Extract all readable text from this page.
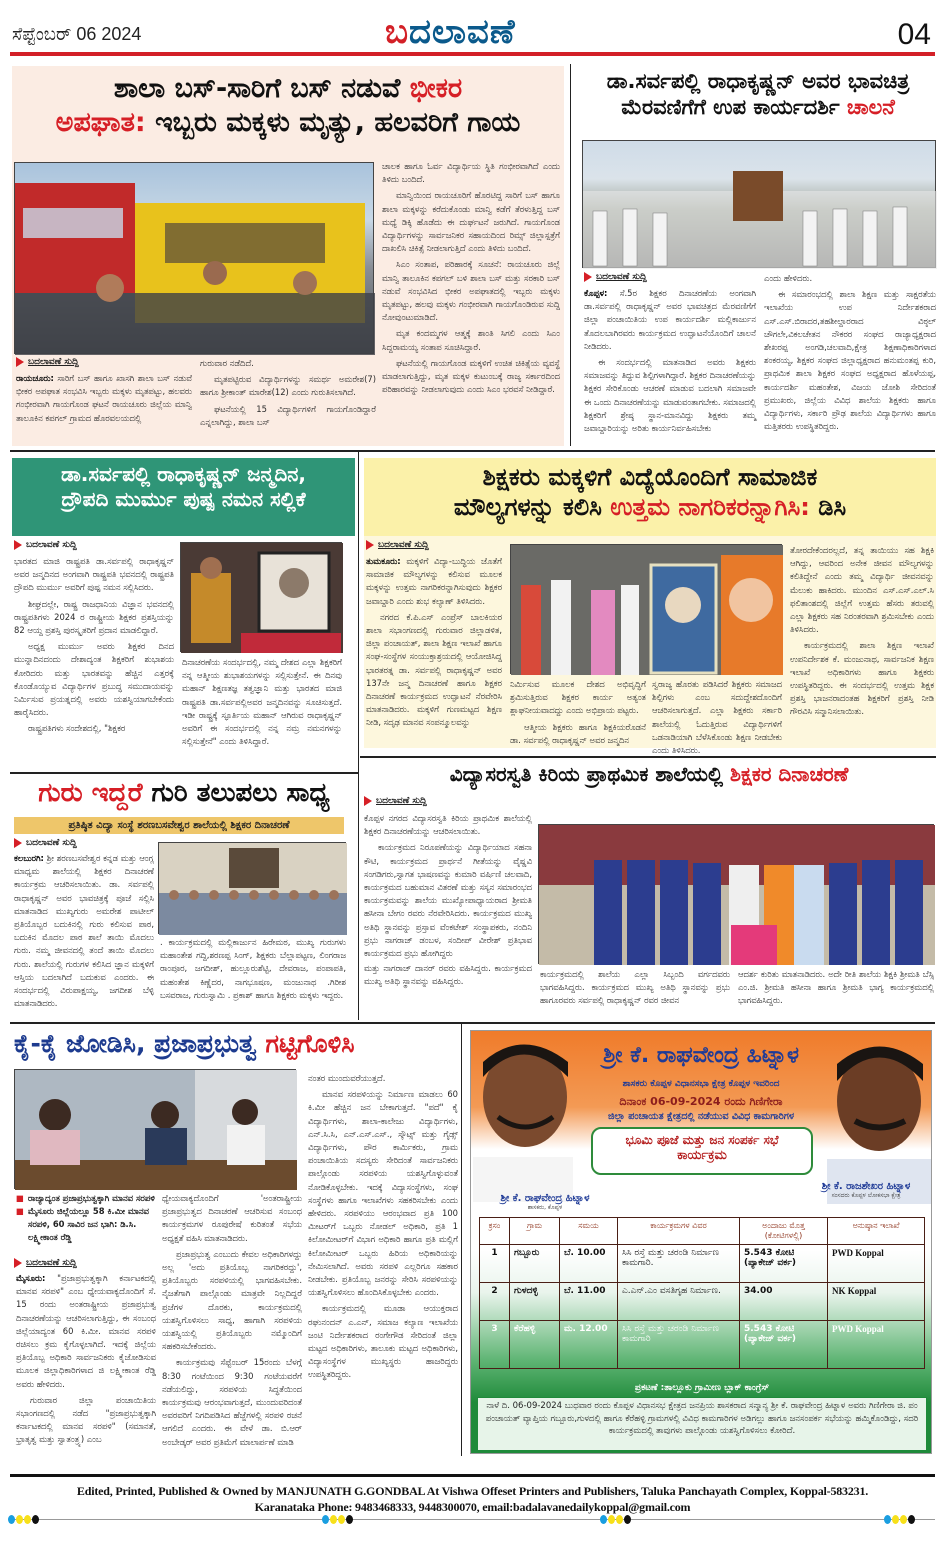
ಸೆಪ್ಟೆಂಬರ್ 06 2024	ಬದಲಾವಣೆ	04
ಶಾಲಾ ಬಸ್-ಸಾರಿಗೆ ಬಸ್ ನಡುವೆ ಭೀಕರ
ಅಪಘಾತ: ಇಬ್ಬರು ಮಕ್ಕಳು ಮೃತ್ಯು, ಹಲವರಿಗೆ ಗಾಯ
ಬದಲಾವಣೆ ಸುದ್ದಿ

ರಾಯಚೂರು: ಸಾರಿಗೆ ಬಸ್ ಹಾಗೂ ಖಾಸಗಿ ಶಾಲಾ ಬಸ್ ನಡುವೆ ಭೀಕರ ಅಪಘಾತ ಸಂಭವಿಸಿ ಇಬ್ಬರು ಮಕ್ಕಳು ಮೃತಪಟ್ಟು, ಹಲವರು ಗಂಭೀರವಾಗಿ ಗಾಯಗೊಂಡ ಘಟನೆ ರಾಯಚೂರು ಜಿಲ್ಲೆಯ ಮಾನ್ವಿ ತಾಲೂಕಿನ ಕಪಗಲ್ ಗ್ರಾಮದ ಹೊರವಲಯದಲ್ಲಿ

ಗುರುವಾರ ನಡೆದಿದೆ.

ಮೃತಪಟ್ಟಿರುವ ವಿದ್ಯಾರ್ಥಿಗಳನ್ನು ಸಮರ್ಥ ಅಮರೇಶ(7) ಹಾಗೂ ಶ್ರೀಕಾಂತ್ ಮಾರೇಶ(12) ಎಂದು ಗುರುತಿಸಲಾಗಿದೆ.

ಘಟನೆಯಲ್ಲಿ 15 ವಿದ್ಯಾರ್ಥಿಗಳಿಗೆ ಗಾಯಗೊಂಡಿದ್ದಾರೆ ಎನ್ನಲಾಗಿದ್ದು, ಶಾಲಾ ಬಸ್

ಚಾಲಕ ಹಾಗೂ ಓರ್ವ ವಿದ್ಯಾರ್ಥಿಯ ಸ್ಥಿತಿ ಗಂಭೀರವಾಗಿದೆ ಎಂದು ತಿಳಿದು ಬಂದಿದೆ.

ಮಾನ್ವಿಯಿಂದ ರಾಯಚೂರಿಗೆ ಹೊರಟಿದ್ದ ಸಾರಿಗೆ ಬಸ್ ಹಾಗೂ ಶಾಲಾ ಮಕ್ಕಳನ್ನು ಕರೆದುಕೊಂಡು ಮಾನ್ವಿ ಕಡೆಗೆ ತೆರಳುತ್ತಿದ್ದ ಬಸ್ ಮಧ್ಯೆ ಡಿಕ್ಕಿ ಹೊಡೆದು ಈ ದುರ್ಘಟನೆ ಜರುಗಿದೆ. ಗಾಯಗೊಂಡ ವಿದ್ಯಾರ್ಥಿಗಳನ್ನು ಸಾರ್ವಜನಿಕರ ಸಹಾಯದಿಂದ ರಿಮ್ಸ್ ಜಿಲ್ಲಾಸ್ಪತ್ರೆಗೆ ದಾಖಲಿಸಿ ಚಿಕಿತ್ಸೆ ನೀಡಲಾಗುತ್ತಿದೆ ಎಂದು ತಿಳಿದು ಬಂದಿದೆ.

ಸಿಎಂ ಸಂತಾಪ, ಪರಿಹಾರಕ್ಕೆ ಸೂಚನೆ: ರಾಯಚೂರು ಜಿಲ್ಲೆ ಮಾನ್ವಿ ತಾಲೂಕಿನ ಕಪಗಲ್ ಬಳಿ ಶಾಲಾ ಬಸ್ ಮತ್ತು ಸರಕಾರಿ ಬಸ್ ನಡುವೆ ಸಂಭವಿಸಿದ ಭೀಕರ ಅಪಘಾತದಲ್ಲಿ ಇಬ್ಬರು ಮಕ್ಕಳು ಮೃತಪಟ್ಟು, ಹಲವು ಮಕ್ಕಳು ಗಂಭೀರವಾಗಿ ಗಾಯಗೊಂಡಿರುವ ಸುದ್ದಿ ನೋವುಂಟುಮಾಡಿದೆ.

ಮೃತ ಕಂದಮ್ಮಗಳ ಆತ್ಮಕ್ಕೆ ಶಾಂತಿ ಸಿಗಲಿ ಎಂದು ಸಿಎಂ ಸಿದ್ದರಾಮಯ್ಯ ಸಂತಾಪ ಸೂಚಿಸಿದ್ದಾರೆ.

ಘಟನೆಯಲ್ಲಿ ಗಾಯಗೊಂಡ ಮಕ್ಕಳಿಗೆ ಉಚಿತ ಚಿಕಿತ್ಸೆಯ ವ್ಯವಸ್ಥೆ ಮಾಡಲಾಗುತ್ತಿದ್ದು, ಮೃತ ಮಕ್ಕಳ ಕುಟುಂಬಕ್ಕೆ ರಾಜ್ಯ ಸರ್ಕಾರದಿಂದ ಪರಿಹಾರವನ್ನು ನೀಡಲಾಗುವುದು ಎಂದು ಸಿಎಂ ಭರವಸೆ ನೀಡಿದ್ದಾರೆ.

ಡಾ.ಸರ್ವಪಲ್ಲಿ ರಾಧಾಕೃಷ್ಣನ್ ಅವರ ಭಾವಚಿತ್ರ
ಮೆರವಣಿಗೆಗೆ ಉಪ ಕಾರ್ಯದರ್ಶಿ ಚಾಲನೆ
ಬದಲಾವಣೆ ಸುದ್ದಿ

ಕೊಪ್ಪಳ: ಸೆ.5ರ ಶಿಕ್ಷಕರ ದಿನಾಚರಣೆಯ ಅಂಗವಾಗಿ ಡಾ.ಸರ್ವಪಲ್ಲಿ ರಾಧಾಕೃಷ್ಣನ್ ಅವರ ಭಾವಚಿತ್ರದ ಮೆರವಣಿಗೆಗೆ ಜಿಲ್ಲಾ ಪಂಚಾಯಿತಿಯ ಉಪ ಕಾರ್ಯದರ್ಶಿ ಮಲ್ಲಿಕಾರ್ಜುನ ತೊದಲಬಾಗಿರವರು ಕಾರ್ಯಕ್ರಮದ ಉದ್ಘಾಟನೆಯೊಂದಿಗೆ ಚಾಲನೆ ನೀಡಿದರು.

ಈ ಸಂದರ್ಭದಲ್ಲಿ ಮಾತನಾಡಿದ ಅವರು ಶಿಕ್ಷಕರು ಸಮಾಜವನ್ನು ತಿದ್ದುವ ಶಿಲ್ಪಿಗಳಾಗಿದ್ದಾರೆ. ಶಿಕ್ಷಕರ ದಿನಾಚರಣೆಯನ್ನು ಶಿಕ್ಷಕರ ಸೇರಿಕೊಂಡು ಆಚರಣೆ ಮಾಡುವ ಬದಲಾಗಿ ಸಮಾಜವೇ ಈ ಒಂದು ದಿನಾಚರಣೆಯನ್ನು ಮಾಡುವಂತಾಗಬೇಕು. ಸಮಾಜದಲ್ಲಿ ಶಿಕ್ಷಕರಿಗೆ ಶ್ರೇಷ್ಠ ಸ್ಥಾನ-ಮಾನವಿದ್ದು ಶಿಕ್ಷಕರು ತಮ್ಮ ಜವಾಬ್ದಾರಿಯನ್ನು ಅರಿತು ಕಾರ್ಯನಿರ್ವಹಿಸಬೇಕು

ಎಂದು ಹೇಳಿದರು.

ಈ ಸಮಾರಂಭದಲ್ಲಿ ಶಾಲಾ ಶಿಕ್ಷಣ ಮತ್ತು ಸಾಕ್ಷರತೆಯ ಇಲಾಖೆಯ ಉಪ ನಿರ್ದೇಶಕರಾದ ಎಸ್.ಎಸ್.ಬಿರಾದರ,ತಹಶೀಲ್ದಾರರಾದ ವಿಠ್ಠಲ್ ಚೌಗಲೇ,ವಿಕಲಚೇತನ ನೌಕರರ ಸಂಘದ ರಾಜ್ಯಾಧ್ಯಕ್ಷರಾದ ಶೇಖರಪ್ಪ ಅಂಗಡಿ,ಚಲವಾದಿ,ಕ್ಷೇತ್ರ ಶಿಕ್ಷಣಾಧಿಕಾರಿಗಳಾದ ಶಂಕರಯ್ಯ, ಶಿಕ್ಷಕರ ಸಂಘದ ಜಿಲ್ಲಾಧ್ಯಕ್ಷರಾದ ಹನುಮಂತಪ್ಪ ಕುರಿ, ಪ್ರಾಥಮಿಕ ಶಾಲಾ ಶಿಕ್ಷಕರ ಸಂಘದ ಅಧ್ಯಕ್ಷರಾದ ಹೊಳೆಯಪ್ಪ, ಕಾರ್ಯದರ್ಶಿ ಮಹಂತೇಶ, ವಿಜಯ ಜೋಶಿ ಸೇರಿದಂತೆ ಪ್ರಮುಖರು, ಜಿಲ್ಲೆಯ ವಿವಿಧ ಶಾಲೆಯ ಶಿಕ್ಷಕರು ಹಾಗೂ ವಿದ್ಯಾರ್ಥಿಗಳು, ಸರ್ಕಾರಿ ಪ್ರೌಢ ಶಾಲೆಯ ವಿದ್ಯಾರ್ಥಿಗಳು ಹಾಗೂ ಮತ್ತಿತರರು ಉಪಸ್ಥಿತರಿದ್ದರು.

ಡಾ.ಸರ್ವಪಲ್ಲಿ ರಾಧಾಕೃಷ್ಣನ್ ಜನ್ಮದಿನ,
ದ್ರೌಪದಿ ಮುರ್ಮು ಪುಷ್ಪ ನಮನ ಸಲ್ಲಿಕೆ
ಬದಲಾವಣೆ ಸುದ್ದಿ

ಭಾರತದ ಮಾಜಿ ರಾಷ್ಟ್ರಪತಿ ಡಾ.ಸರ್ವಪಲ್ಲಿ ರಾಧಾಕೃಷ್ಣನ್ ಅವರ ಜನ್ಮದಿನದ ಅಂಗವಾಗಿ ರಾಷ್ಟ್ರಪತಿ ಭವನದಲ್ಲಿ ರಾಷ್ಟ್ರಪತಿ ದ್ರೌಪದಿ ಮುರ್ಮು ಅವರಿಗೆ ಪುಷ್ಪ ನಮನ ಸಲ್ಲಿಸಿದರು.

ಶೀಘ್ರದಲ್ಲೇ, ರಾಷ್ಟ್ರ ರಾಜಧಾನಿಯ ವಿಜ್ಞಾನ ಭವನದಲ್ಲಿ ರಾಷ್ಟ್ರಪತಿಗಳು 2024 ರ ರಾಷ್ಟ್ರೀಯ ಶಿಕ್ಷಕರ ಪ್ರಶಸ್ತಿಯನ್ನು 82 ಆಯ್ದ ಪ್ರಶಸ್ತಿ ಪುರಸ್ಕೃತರಿಗೆ ಪ್ರದಾನ ಮಾಡಲಿದ್ದಾರೆ.

ಅಧ್ಯಕ್ಷ ಮುರ್ಮು ಅವರು ಶಿಕ್ಷಕರ ದಿನದ ಮುನ್ನಾದಿನದಂದು ದೇಶಾದ್ಯಂತ ಶಿಕ್ಷಕರಿಗೆ ಶುಭಾಶಯ ಕೋರಿದರು ಮತ್ತು ಭಾರತವನ್ನು ಹೆಚ್ಚಿನ ಎತ್ತರಕ್ಕೆ ಕೊಂಡೊಯ್ಯುವ ವಿದ್ಯಾರ್ಥಿಗಳ ಪ್ರಬುದ್ಧ ಸಮುದಾಯವನ್ನು ನಿರ್ಮಿಸುವ ಪ್ರಯತ್ನದಲ್ಲಿ ಅವರು ಯಶಸ್ವಿಯಾಗಬೇಕೆಂದು ಹಾರೈಸಿದರು.

ರಾಷ್ಟ್ರಪತಿಗಳು ಸಂದೇಶದಲ್ಲಿ, "ಶಿಕ್ಷಕರ

ದಿನಾಚರಣೆಯ ಸಂದರ್ಭದಲ್ಲಿ, ನಮ್ಮ ದೇಶದ ಎಲ್ಲಾ ಶಿಕ್ಷಕರಿಗೆ ನನ್ನ ಆತ್ಮೀಯ ಶುಭಾಶಯಗಳನ್ನು ಸಲ್ಲಿಸುತ್ತೇನೆ. ಈ ದಿನವು ಮಹಾನ್ ಶಿಕ್ಷಣತಜ್ಞ ತತ್ವಜ್ಞಾನಿ ಮತ್ತು ಭಾರತದ ಮಾಜಿ ರಾಷ್ಟ್ರಪತಿ ಡಾ.ಸರ್ವಪಲ್ಲಿಅವರ ಜನ್ಮದಿನವನ್ನು ಸೂಚಿಸುತ್ತದೆ. ಇಡೀ ರಾಷ್ಟ್ರಕ್ಕೆ ಸ್ಫೂರ್ತಿಯ ಮಹಾನ್ ಆಗಿರುವ ರಾಧಾಕೃಷ್ಣನ್ ಅವರಿಗೆ ಈ ಸಂದರ್ಭದಲ್ಲಿ ನನ್ನ ನಮ್ರ ನಮನಗಳನ್ನು ಸಲ್ಲಿಸುತ್ತೇನೆ" ಎಂದು ತಿಳಿಸಿದ್ದಾರೆ.

ಶಿಕ್ಷಕರು ಮಕ್ಕಳಿಗೆ ವಿದ್ಯೆಯೊಂದಿಗೆ ಸಾಮಾಜಿಕ
ಮೌಲ್ಯಗಳನ್ನು ಕಲಿಸಿ ಉತ್ತಮ ನಾಗರಿಕರನ್ನಾಗಿಸಿ: ಡಿಸಿ
ಬದಲಾವಣೆ ಸುದ್ದಿ

ತುಮಕೂರು: ಮಕ್ಕಳಿಗೆ ವಿದ್ಯಾ-ಬುದ್ಧಿಯ ಜೊತೆಗೆ ಸಾಮಾಜಿಕ ಮೌಲ್ಯಗಳನ್ನು ಕಲಿಸುವ ಮೂಲಕ ಮಕ್ಕಳನ್ನು ಉತ್ತಮ ನಾಗರಿಕರನ್ನಾಗಿಸುವುದು ಶಿಕ್ಷಕರ ಜವಾಬ್ದಾರಿ ಎಂದು ಶುಭ ಕಲ್ಯಾಣ್ ತಿಳಿಸಿದರು.

ನಗರದ ಕೆ.ಪಿ.ಎಸ್ ಎಂಪ್ರೆಸ್ ಬಾಲಕಿಯರ ಶಾಲಾ ಸಭಾಂಗಣದಲ್ಲಿ ಗುರುವಾರ ಜಿಲ್ಲಾಡಳಿತ, ಜಿಲ್ಲಾ ಪಂಚಾಯತ್, ಶಾಲಾ ಶಿಕ್ಷಣ ಇಲಾಖೆ ಹಾಗೂ ಸಂಘ-ಸಂಸ್ಥೆಗಳ ಸಂಯುಕ್ತಾಶ್ರಯದಲ್ಲಿ ಆಯೋಜಿಸಿದ್ದ ಭಾರತರತ್ನ ಡಾ. ಸರ್ವಪಲ್ಲಿ ರಾಧಾಕೃಷ್ಣನ್ ಅವರ 137ನೇ ಜನ್ಮ ದಿನಾಚರಣೆ ಹಾಗೂ ಶಿಕ್ಷಕರ ದಿನಾಚರಣೆ ಕಾರ್ಯಕ್ರಮದ ಉದ್ಘಾಟನೆ ನೆರವೇರಿಸಿ ಮಾತನಾಡಿದರು. ಮಕ್ಕಳಿಗೆ ಗುಣಮಟ್ಟದ ಶಿಕ್ಷಣ ನೀಡಿ, ಸದೃಢ ಮಾನವ ಸಂಪನ್ಮೂಲವನ್ನು

ನಿರ್ಮಿಸುವ ಮೂಲಕ ದೇಶದ ಅಭಿವೃದ್ಧಿಗೆ ಶ್ರಮಿಸುತ್ತಿರುವ ಶಿಕ್ಷಕರ ಕಾರ್ಯ ಅತ್ಯಂತ ಶ್ಲಾಘನೀಯವಾದದ್ದು ಎಂದು ಅಭಿಪ್ರಾಯ ಪಟ್ಟರು.

ಆತ್ಮೀಯ ಶಿಕ್ಷಕರು ಹಾಗೂ ಶಿಕ್ಷಕಿಯರೊಡನೆ ಡಾ. ಸರ್ವಪಲ್ಲಿ ರಾಧಾಕೃಷ್ಣನ್ ಅವರ ಜನ್ಮದಿನ

ಸ್ವರಾಜ್ಯ ಹೊರತು ಪಡಿಸಿದರೆ ಶಿಕ್ಷಕರು ಸಮಾಜದ ಶಿಲ್ಪಿಗಳು ಎಂಬ ಸದುದ್ದೇಶದೊಂದಿಗೆ ಆಚರಿಸಲಾಗುತ್ತದೆ. ಎಲ್ಲಾ ಶಿಕ್ಷಕರು ಸರ್ಕಾರಿ ಶಾಲೆಯಲ್ಲಿ ಓದುತ್ತಿರುವ ವಿದ್ಯಾರ್ಥಿಗಳಿಗೆ ಒಡನಾಡಿಯಾಗಿ ಬೆಳೆಸಿಕೊಂಡು ಶಿಕ್ಷಣ ನೀಡಬೇಕು ಎಂದು ತಿಳಿಸಿದರು.

ತೋರದೇಕೆಂದರಲ್ಲದೆ, ತನ್ನ ತಾಯಿಯು ಸಹ ಶಿಕ್ಷಕಿ ಆಗಿದ್ದು, ಆವರಿಂದ ಅನೇಕ ಜೀವನ ಮೌಲ್ಯಗಳನ್ನು ಕಲಿತಿದ್ದೇನೆ ಎಂದು ತಮ್ಮ ವಿದ್ಯಾರ್ಥಿ ಜೀವನವನ್ನು ಮೆಲುಕು ಹಾಕಿದರು. ಮುಂದಿನ ಎಸ್.ಎಸ್.ಎಲ್.ಸಿ ಫಲಿತಾಂಶದಲ್ಲಿ ಜಿಲ್ಲೆಗೆ ಉತ್ತಮ ಹೆಸರು ತರುವಲ್ಲಿ ಎಲ್ಲಾ ಶಿಕ್ಷಕರು ಸಹ ನಿರಂತರವಾಗಿ ಶ್ರಮಿಸಬೇಕು ಎಂದು ತಿಳಿಸಿದರು.

ಕಾರ್ಯಕ್ರಮದಲ್ಲಿ ಶಾಲಾ ಶಿಕ್ಷಣ ಇಲಾಖೆ ಉಪನಿರ್ದೇಶಕ ಕೆ. ಮಂಜುನಾಥ, ಸಾರ್ವಜನಿಕ ಶಿಕ್ಷಣ ಇಲಾಖೆ ಅಧಿಕಾರಿಗಳು ಹಾಗೂ ಶಿಕ್ಷಕರು ಉಪಸ್ಥಿತರಿದ್ದರು. ಈ ಸಂದರ್ಭದಲ್ಲಿ ಉತ್ತಮ ಶಿಕ್ಷಕ ಪ್ರಶಸ್ತಿ ಭಾಜನರಾದಂತಹ ಶಿಕ್ಷಕರಿಗೆ ಪ್ರಶಸ್ತಿ ನೀಡಿ ಗೌರವಿಸಿ ಸನ್ಮಾನಿಸಲಾಯಿತು.

ಗುರು ಇದ್ದರೆ ಗುರಿ ತಲುಪಲು ಸಾಧ್ಯ
ಪ್ರತಿಷ್ಠಿತ ವಿದ್ಯಾ ಸಂಸ್ಥೆ ಶರಣಬಸವೇಶ್ವರ ಶಾಲೆಯಲ್ಲಿ ಶಿಕ್ಷಕರ ದಿನಾಚರಣೆ
ಬದಲಾವಣೆ ಸುದ್ದಿ

ಕಲಬುರಗಿ: ಶ್ರೀ ಶರಣಬಸವೇಶ್ವರ ಕನ್ನಡ ಮತ್ತು ಆಂಗ್ಲ ಮಾಧ್ಯಮ ಶಾಲೆಯಲ್ಲಿ ಶಿಕ್ಷಕರ ದಿನಾಚರಣೆ ಕಾರ್ಯಕ್ರಮ ಆಚರಿಸಲಾಯಿತು. ಡಾ. ಸರ್ವಪಲ್ಲಿ ರಾಧಾಕೃಷ್ಣನ್ ಅವರ ಭಾವಚಿತ್ರಕ್ಕೆ ಪೂಜೆ ಸಲ್ಲಿಸಿ ಮಾತನಾಡಿದ ಮುಖ್ಯಗುರು ಅಮರೇಶ ಪಾಟೀಲ್ ಪ್ರತಿಯೊಬ್ಬರ ಬದುಕಿನಲ್ಲಿ ಗುರು ಕಲಿಸುವ ಪಾಠ, ಬದುಕಿನ ಮೊದಲ ಪಾಠ ಶಾಲೆ ತಾಯಿ ಮೊದಲು ಗುರು. ನಮ್ಮ ಜೀವನದಲ್ಲಿ ತಂದೆ ತಾಯಿ ಮೊದಲು ಗುರು. ಶಾಲೆಯಲ್ಲಿ ಗುರುಗಳ ಕಲಿಸಿದ ಜ್ಞಾನ ಮಕ್ಕಳಿಗೆ ಆಸ್ತಿಯ ಬದಲಾಗಿದೆ ಬದುಕುವ ಎಂದರು. ಈ ಸಂದರ್ಭದಲ್ಲಿ ವಿರುಪಾಕ್ಷಯ್ಯ, ಜಗದೀಶ ಬೆಳ್ಳಿ ಮಾತನಾಡಿದರು.

. ಕಾರ್ಯಕ್ರಮದಲ್ಲಿ ಮಲ್ಲಿಕಾರ್ಜುನ ಹಿರೇಮಠ, ಮುಖ್ಯ ಗುರುಗಳು ಮಹಾಂತೇಶ ಗದ್ದಿ,ಶರಣಪ್ಪ ಸಿಂಗ್, ಶಿಕ್ಷಕರು ಬೆಲ್ಲಾಪಟ್ಟಣ, ಲಿಂಗರಾಜ ರಾಂಪೂರ, ಜಗದೀಶ್, ಹುಲ್ಲೂರುಶೆಟ್ಟಿ, ದೇವರಾಜ, ಪಂಪಾಪತಿ, ಮಹಂತೇಶ ಕಿಣ್ಣೆದರ, ನಾಗಭೂಷಣ, ಮಂಜುನಾಥ .ಗಿರೀಶ ಬಸವರಾಜ, ಗುರುಸ್ವಾಮಿ . ಪ್ರಕಾಶ್ ಹಾಗೂ ಶಿಕ್ಷಕರು ಮಕ್ಕಳು ಇದ್ದರು.

ವಿದ್ಯಾಸರಸ್ವತಿ ಕಿರಿಯ ಪ್ರಾಥಮಿಕ ಶಾಲೆಯಲ್ಲಿ ಶಿಕ್ಷಕರ ದಿನಾಚರಣೆ
ಬದಲಾವಣೆ ಸುದ್ದಿ

ಕೊಪ್ಪಳ ನಗರದ ವಿದ್ಯಾಸರಸ್ವತಿ ಕಿರಿಯ ಪ್ರಾಥಮಿಕ ಶಾಲೆಯಲ್ಲಿ ಶಿಕ್ಷಕರ ದಿನಾಚರಣೆಯನ್ನು ಆಚರಿಸಲಾಯಿತು.

ಕಾರ್ಯಕ್ರಮದ ನಿರೂಪಣೆಯನ್ನು ವಿದ್ಯಾರ್ಥಿಯಾದ ಸಹನಾ ಕೌಟಿ, ಕಾರ್ಯಕ್ರಮದ ಪ್ರಾರ್ಥನೆ ಗೀತೆಯನ್ನು ವೈಷ್ಣವಿ ಸಂಗಡಿಗರು,ಸ್ವಾಗತ ಭಾಷಣವನ್ನು ಕುಮಾರಿ ವರ್ಷಿಣಿ ಚಲವಾದಿ, ಕಾರ್ಯಕ್ರಮದ ಬಹುಮಾನ ವಿತರಣೆ ಮತ್ತು ಸಸ್ಯನ ಸಮಾರಂಭದ ಕಾರ್ಯಕ್ರಮವನ್ನು ಶಾಲೆಯ ಮುಖ್ಯೋಪಾಧ್ಯಾಯರಾದ ಶ್ರೀಮತಿ ಹಸೀನಾ ಬೇಗಂ ರವರು ನೆರವೇರಿಸಿದರು. ಕಾರ್ಯಕ್ರಮದ ಮುಖ್ಯ ಅತಿಥಿ ಸ್ಥಾನವನ್ನು ಪ್ರಸ್ತಾವ ವೆಂಕಟೇಶ್ ಸಂಸ್ಥಾಪಕರು, ನಂದಿನಿ ಪ್ರಭು ನಾಗರಾಜ್ ಡಂಬಳ, ಸಂದೀಪ್ ವೀರೇಶ್ ಪ್ರತಿಭಾವ ಕಾರ್ಯಕ್ರಮದ ಪ್ರಭು ಹೋಗಿದ್ದರು

ಮತ್ತು ನಾಗರಾಜ್ ದಾನರ್ ರವರು ವಹಿಸಿದ್ದರು. ಕಾರ್ಯಕ್ರಮದ ಮುಖ್ಯ ಅತಿಥಿ ಸ್ಥಾನವನ್ನು ವಹಿಸಿದ್ದರು.

ಕಾರ್ಯಕ್ರಮದಲ್ಲಿ ಶಾಲೆಯ ಎಲ್ಲಾ ಸಿಬ್ಬಂದಿ ವರ್ಗದವರು ಭಾಗವಹಿಸಿದ್ದರು. ಕಾರ್ಯಕ್ರಮದ ಮುಖ್ಯ ಅತಿಥಿ ಸ್ಥಾನವನ್ನು ಪ್ರಭು ಹಾಗೂರವರು ಸರ್ವಪಲ್ಲಿ ರಾಧಾಕೃಷ್ಣನ್ ರವರ ಜೀವನ

ಆದರ್ಶ ಕುರಿತು ಮಾತನಾಡಿದರು. ಅದೇ ರೀತಿ ಶಾಲೆಯ ಶಿಕ್ಷಕಿ ಶ್ರೀಮತಿ ಬೆಸ್ಸಿ ಎಂ.ಜಿ. ಶ್ರೀಮತಿ ಹಸೀನಾ ಹಾಗೂ ಶ್ರೀಮತಿ ಭಾಗ್ಯ ಕಾರ್ಯಕ್ರಮದಲ್ಲಿ ಭಾಗವಹಿಸಿದ್ದರು.

ಕೈ-ಕೈ ಜೋಡಿಸಿ, ಪ್ರಜಾಪ್ರಭುತ್ವ ಗಟ್ಟಿಗೊಳಿಸಿ
■ ರಾಜ್ಯಾದ್ಯಂತ ಪ್ರಜಾಪ್ರಭುತ್ವಕ್ಕಾಗಿ ಮಾನವ ಸರಪಳಿ
■ ಮೈಸೂರು ಜಿಲ್ಲೆಯಲ್ಲೂ 58 ಕಿ.ಮೀ ಮಾನವ ಸರಪಳಿ, 60 ಸಾವಿರ ಜನ ಭಾಗಿ: ಡಿ.ಸಿ. ಲಕ್ಷ್ಮೀಕಾಂತ ರೆಡ್ಡಿ
ಬದಲಾವಣೆ ಸುದ್ದಿ

ಮೈಸೂರು: "ಪ್ರಜಾಪ್ರಭುತ್ವಕ್ಕಾಗಿ ಕರ್ನಾಟಕದಲ್ಲಿ ಮಾನವ ಸರಪಳಿ" ಎಂಬ ಧ್ಯೇಯವಾಕ್ಯದೊಂದಿಗೆ ಸೆ. 15 ರಂದು ಅಂತರಾಷ್ಟ್ರೀಯ ಪ್ರಜಾಪ್ರಭುತ್ವ ದಿನಾಚರಣೆಯನ್ನು ಆಚರಿಸಲಾಗುತ್ತಿದ್ದು, ಈ ಸಂಬಂಧ ಜಿಲ್ಲೆಯಾದ್ಯಂತ 60 ಕಿ.ಮೀ. ಮಾನವ ಸರಪಳಿ ರಚಿಸಲು ಕ್ರಮ ಕೈಗೊಳ್ಳಲಾಗಿದೆ. ಇದಕ್ಕೆ ಜಿಲ್ಲೆಯ ಪ್ರತಿಯೊಬ್ಬ ಅಧಿಕಾರಿ ಸಾರ್ವಜನಿಕರು ಕೈಜೋಡಿಸುವ ಮೂಲಕ ಜಿಲ್ಲಾಧಿಕಾರಿಗಳಾದ ಜಿ ಲಕ್ಷ್ಮೀಕಾಂತ ರೆಡ್ಡಿ ಅವರು ಹೇಳಿದರು.

ಗುರುವಾರ ಜಿಲ್ಲಾ ಪಂಚಾಯಿತಿಯ ಸಭಾಂಗಣದಲ್ಲಿ ನಡೆದ "ಪ್ರಜಾಪ್ರಭುತ್ವಕ್ಕಾಗಿ ಕರ್ನಾಟಕದಲ್ಲಿ ಮಾನವ ಸರಪಳಿ" (ಸಮಾನತೆ, ಭ್ರಾತೃತ್ವ ಮತ್ತು ಸ್ವಾತಂತ್ರ್ಯ) ಎಂಬ

ಧ್ಯೇಯವಾಕ್ಯದೊಂದಿಗೆ 'ಅಂತರಾಷ್ಟ್ರೀಯ ಪ್ರಜಾಪ್ರಭುತ್ವದ ದಿನಾಚರಣೆ ಆಚರಿಸುವ ಸಂಬಂಧ ಕಾರ್ಯಕ್ರಮಗಳ ರೂಪುರೇಷೆ ಕುರಿತಂತೆ ಸಭೆಯ ಅಧ್ಯಕ್ಷತೆ ವಹಿಸಿ ಮಾತನಾಡಿದರು.

ಪ್ರಜಾಪ್ರಭುತ್ವ ಎಂಬುದು ಕೇವಲ ಅಧಿಕಾರಿಗಳದ್ದು ಅಲ್ಲ 'ಅದು ಪ್ರತಿಯೊಬ್ಬ ನಾಗರಿಕರದ್ದು', ಪ್ರತಿಯೊಬ್ಬರು ಸರಪಳಿಯಲ್ಲಿ ಭಾಗವಹಿಸಬೇಕು. ನೈಜತೆಗಾಗಿ ಪಾಲ್ಗೊಂಡು ಮಾತ್ರವೇ ನಿಲ್ಲದಿದ್ದರೆ ಪ್ರಜೆಗಳ ದೊರಕು, ಕಾರ್ಯಕ್ರಮದಲ್ಲಿ ಯಶಸ್ವಿಗೊಳಿಸಲು ಸಾಧ್ಯ, ಹಾಗಾಗಿ ಸರಪಳಿಯ ಯಶಸ್ವಿಯಲ್ಲಿ ಪ್ರತಿಯೊಬ್ಬರು ನಮ್ಮೊಂದಿಗೆ ಸಹಕರಿಸಬೇಕೆಂದರು.

ಕಾರ್ಯಕ್ರಮವು ಸೆಪ್ಟೆಂಬರ್ 15ರಂದು ಬೆಳಗ್ಗೆ 8:30 ಗಂಟೆಯಿಂದ 9:30 ಗಂಟೆಯವರೆಗೆ ನಡೆಯಲಿದ್ದು, ಸರಪಳಿಯ ಸಿದ್ಧತೆಯಿಂದ ಕಾರ್ಯಕ್ರಮವು ಆರಂಭವಾಗುತ್ತದೆ, ಮುಂದುವರಿದಂತೆ ಅವರವರಿಗೆ ನಿಗದಿಪಡಿಸಿದ ಹೆಜ್ಜೆಗಳಲ್ಲಿ ಸರಪಳಿ ರಚನೆ ಆಗಲಿದೆ ಎಂದರು. ಈ ವೇಳೆ ಡಾ. ಬಿ.ಆರ್ ಅಂಬೇಡ್ಕರ್ ಅವರ ಪ್ರತಿಮೆಗೆ ಮಾಲಾರ್ಪಣೆ ಮಾಡಿ

ನಂತರ ಮುಂದುವರೆಯುತ್ತದೆ.

ಮಾನವ ಸರಪಳಿಯನ್ನು ನಿರ್ಮಾಣ ಮಾಡಲು 60 ಕಿ.ಮೀ ಹೆಚ್ಚಿನ ಜನ ಬೇಕಾಗುತ್ತದೆ. "ಪದೆ" ಕೈ ವಿದ್ಯಾರ್ಥಿಗಳು, ಶಾಲಾ-ಕಾಲೇಜು ವಿದ್ಯಾರ್ಥಿಗಳು, ಎನ್.ಸಿ.ಸಿ, ಎನ್.ಎಸ್.ಎಸ್., ಸ್ಕೌಟ್ಸ್ ಮತ್ತು ಗೈಡ್ಸ್ ವಿದ್ಯಾರ್ಥಿಗಳು, ಪೌರ ಕಾರ್ಮಿಕರು, ಗ್ರಾಮ ಪಂಚಾಯಿತಿಯ ಸದಸ್ಯರು ಸೇರಿದಂತೆ ಸಾರ್ವಜನಿಕರು ಪಾಲ್ಗೊಂಡು ಸರಪಳಿಯ ಯಶಸ್ವಿಗೊಳ್ಳುವಂತೆ ನೋಡಿಕೊಳ್ಳಬೇಕು. ಇದಕ್ಕೆ ವಿದ್ಯಾಸಂಸ್ಥೆಗಳು, ಸಂಘ ಸಂಸ್ಥೆಗಳು ಹಾಗೂ ಇಲಾಖೆಗಳು ಸಹಕರಿಸಬೇಕು ಎಂದು ಹೇಳಿದರು. ಸರಪಳಿಯು ಆರಂಭವಾದ ಪ್ರತಿ 100 ಮೀಟರ್‌ಗೆ ಒಬ್ಬರು ನೋಡಲ್ ಅಧಿಕಾರಿ, ಪ್ರತಿ 1 ಕಿಲೋಮೀಟರ್‌ಗೆ ವಿಭಾಗ ಅಧಿಕಾರಿ ಹಾಗೂ ಪ್ರತಿ ಮಲ್ಲಿಗೆ ಕಿಲೋಮೀಟರ್ ಒಬ್ಬರು ಹಿರಿಯ ಅಧಿಕಾರಿಯನ್ನು ನೇಮಿಸಲಾಗಿದೆ. ಅವರು ಸರಪಳಿ ಎಲ್ಲರಿಗೂ ಸಹಕಾರ ನೀಡಬೇಕು. ಪ್ರತಿಯೊಬ್ಬ ಜನರನ್ನು ಸೇರಿಸಿ ಸರಪಳಿಯನ್ನು ಯಶಸ್ವಿಗೊಳಿಸಲು ಹೊಂದಿಸಿಕೊಳ್ಳಬೇಕು ಎಂದರು.

ಕಾರ್ಯಕ್ರಮದಲ್ಲಿ ಮೂಡಾ ಆಯುಕ್ತರಾದ ರಘುನಂದನ್ ಎ.ಎನ್, ಸಮಾಜ ಕಲ್ಯಾಣ ಇಲಾಖೆಯ ಜಂಟಿ ನಿರ್ದೇಶಕರಾದ ರಂಗೇಗೌಡ ಸೇರಿದಂತೆ ಜಿಲ್ಲಾ ಮಟ್ಟದ ಅಧಿಕಾರಿಗಳು, ತಾಲೂಕು ಮಟ್ಟದ ಅಧಿಕಾರಿಗಳು, ವಿದ್ಯಾಸಂಸ್ಥೆಗಳ ಮುಖ್ಯಸ್ಥರು ಹಾಜರಿದ್ದರು ಉಪಸ್ಥಿತರಿದ್ದರು.

ಶ್ರೀ ಕೆ. ರಾಘವೇಂದ್ರ ಹಿಟ್ನಾಳ
ಶಾಸಕರು ಕೊಪ್ಪಳ ವಿಧಾನಸಭಾ ಕ್ಷೇತ್ರ ಕೊಪ್ಪಳ ಇವರಿಂದ
ದಿನಾಂಕ 06-09-2024 ರಂದು ಗಿಣಿಗೇರಾ
ಜಿಲ್ಲಾ ಪಂಚಾಯತ ಕ್ಷೇತ್ರದಲ್ಲಿ ನಡೆಯುವ ವಿವಿಧ ಕಾಮಗಾರಿಗಳ
ಭೂಮಿ ಪೂಜೆ ಮತ್ತು ಜನ ಸಂಪರ್ಕ ಸಭೆ
ಕಾರ್ಯಕ್ರಮ
ಶ್ರೀ ಕೆ. ರಾಘವೇಂದ್ರ ಹಿಟ್ನಾಳ
ಶಾಸಕರು, ಕೊಪ್ಪಳ
ಶ್ರೀ ಕೆ. ರಾಜಶೇಖರ ಹಿಟ್ನಾಳ
ಸಂಸದರು ಕೊಪ್ಪಳ ಲೋಕಸಭಾ ಕ್ಷೇತ್ರ
ಕ್ರಸಂ	ಗ್ರಾಮ	ಸಮಯ	ಕಾರ್ಯಕ್ರಮಗಳ ವಿವರ	ಅಂದಾಜು ಮೊತ್ತ (ಕೋಟಿಗಳಲ್ಲಿ)	ಅನುಷ್ಠಾನ ಇಲಾಖೆ
1	ಗಬ್ಬೂರು	ಬೆ. 10.00	ಸಿಸಿ ರಸ್ತೆ ಮತ್ತು ಚರಂಡಿ ನಿರ್ಮಾಣ ಕಾಮಗಾರಿ.	5.543 ಕೋಟಿ (ಪ್ಯಾಕೇಜ್ ವರ್ಕ)	PWD Koppal
2	ಗುಳದಳ್ಳಿ	ಬೆ. 11.00	ಎ.ಎನ್.ಎಂ ವಸತಿಗೃಹ ನಿರ್ಮಾಣ.	34.00	NK Koppal
3	ಕೆರೆಹಳ್ಳಿ	ಮ. 12.00	ಸಿಸಿ ರಸ್ತೆ ಮತ್ತು ಚರಂಡಿ ನಿರ್ಮಾಣ ಕಾಮಗಾರಿ	5.543 ಕೋಟಿ (ಪ್ಯಾಕೇಜ್ ವರ್ಕ)	PWD Koppal
ಪ್ರಕಟಣೆ :ತಾಲ್ಲೂಕು ಗ್ರಾಮೀಣ ಬ್ಲಾಕ್ ಕಾಂಗ್ರೆಸ್
ನಾಳೆ ದಿ. 06-09-2024 ಬುಧವಾರ ರಂದು ಕೊಪ್ಪಳ ವಿಧಾನಸಭ ಕ್ಷೇತ್ರದ ಜನಪ್ರಿಯ ಶಾಸಕರಾದ ಸನ್ಮಾನ್ಯ ಶ್ರೀ ಕೆ. ರಾಘವೇಂದ್ರ ಹಿಟ್ನಾಳ ಅವರು ಗಿಣಿಗೇರಾ ಜಿ. ಪಂ ಪಂಚಾಯತ್ ವ್ಯಾಪ್ತಿಯ ಗಬ್ಬೂರು,ಗುಳದಲ್ಲಿ ಹಾಗೂ ಕೆರೆಹಳ್ಳಿ ಗ್ರಾಮಗಳಲ್ಲಿ ವಿವಿಧ ಕಾಮಗಾರಿಗಳ ಅಡಿಗಲ್ಲು ಹಾಗೂ ಜನಸಂಪರ್ಕ ಸಭೆಯನ್ನು ಹಮ್ಮಿಕೊಂಡಿದ್ದು, ಸದರಿ ಕಾರ್ಯಕ್ರಮದಲ್ಲಿ ತಾವುಗಳು ಪಾಲ್ಗೊಂಡು ಯಶಸ್ವಿಗೊಳಿಸಲು ಕೋರಿದೆ.
Edited, Printed, Published & Owned by MANJUNATH G.GONDBAL At Vishwa Offeset Printers and Publishers, Taluka Panchayath Complex, Koppal-583231.
Karanataka Phone: 9483468333, 9448300070, email:badalavanedailykoppal@gmail.com
